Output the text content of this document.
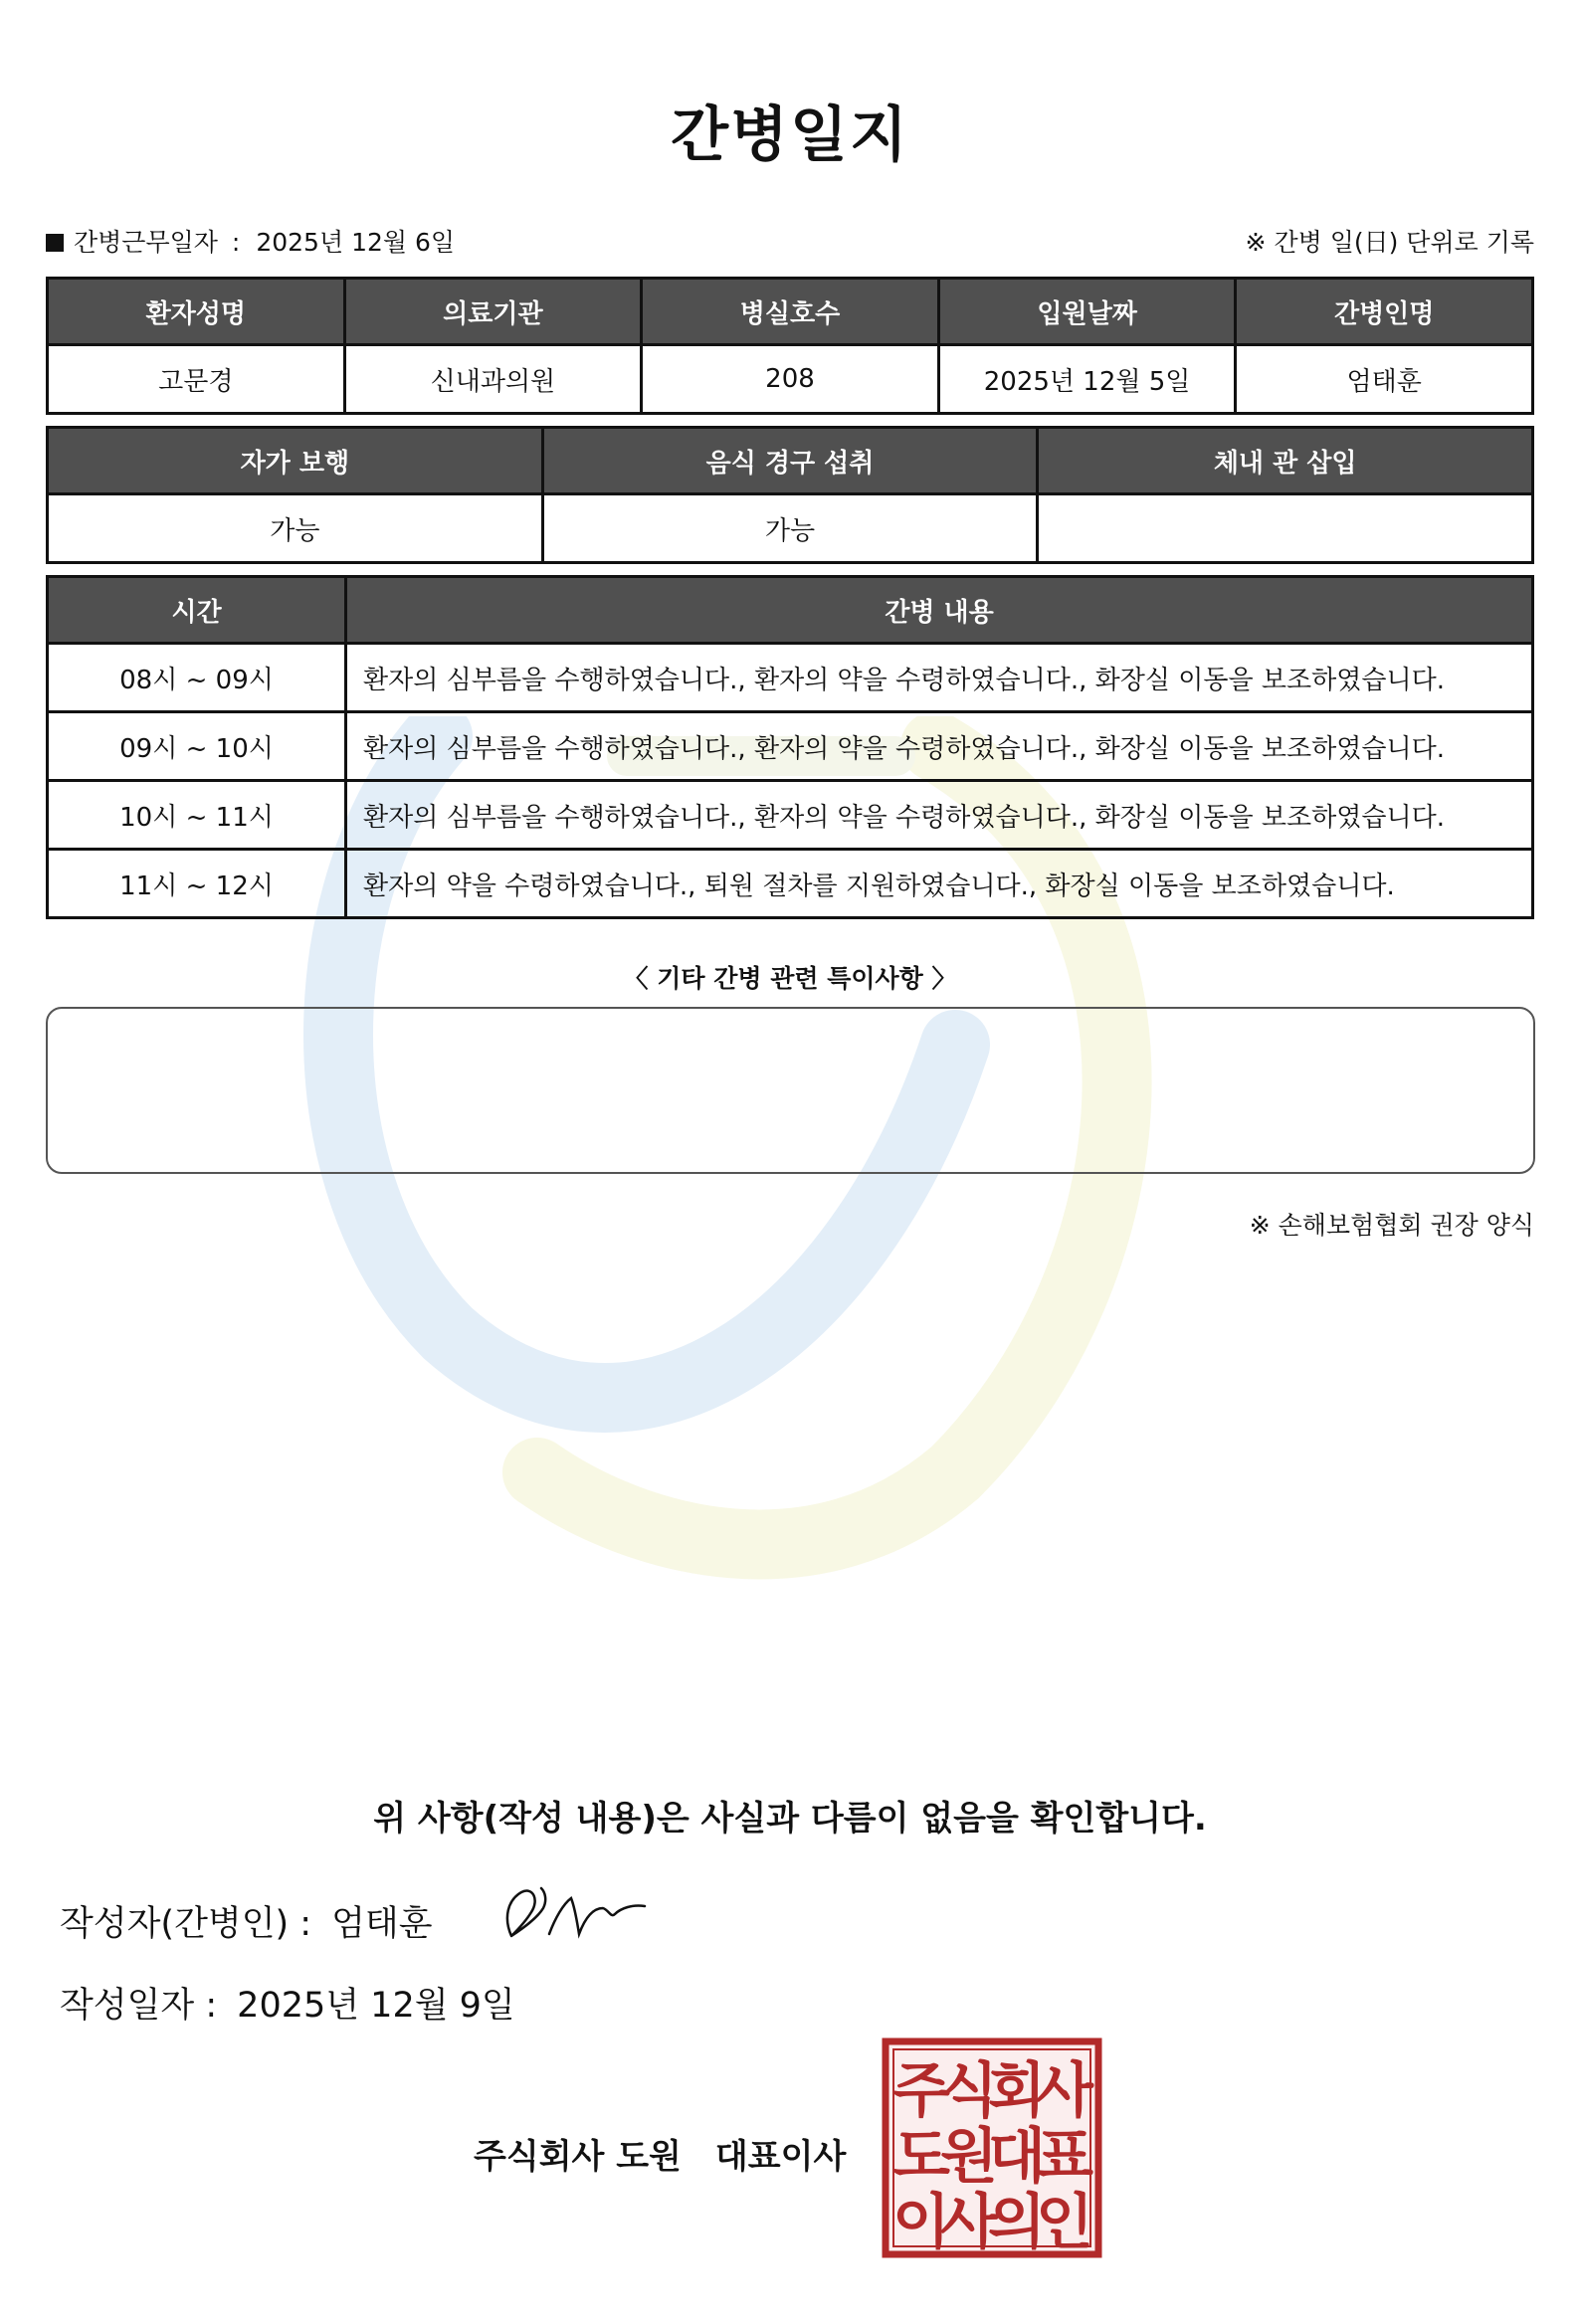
간병일지
간병근무일자 : 2025년 12월 6일	※ 간병 일(日) 단위로 기록
환자성명	의료기관	병실호수	입원날짜	간병인명
고문경	신내과의원	208	2025년 12월 5일	엄태훈
자가 보행	음식 경구 섭취	체내 관 삽입
가능	가능	
시간	간병 내용
08시 ~ 09시	환자의 심부름을 수행하였습니다., 환자의 약을 수령하였습니다., 화장실 이동을 보조하였습니다.
09시 ~ 10시	환자의 심부름을 수행하였습니다., 환자의 약을 수령하였습니다., 화장실 이동을 보조하였습니다.
10시 ~ 11시	환자의 심부름을 수행하였습니다., 환자의 약을 수령하였습니다., 화장실 이동을 보조하였습니다.
11시 ~ 12시	환자의 약을 수령하였습니다., 퇴원 절차를 지원하였습니다., 화장실 이동을 보조하였습니다.
〈 기타 간병 관련 특이사항 〉
※ 손해보험협회 권장 양식
위 사항(작성 내용)은 사실과 다름이 없음을 확인합니다.
작성자(간병인) : 엄태훈
작성일자 : 2025년 12월 9일
주식회사 도원 대표이사
주
식
회
사
도
원
대
표
이
사
의
인
